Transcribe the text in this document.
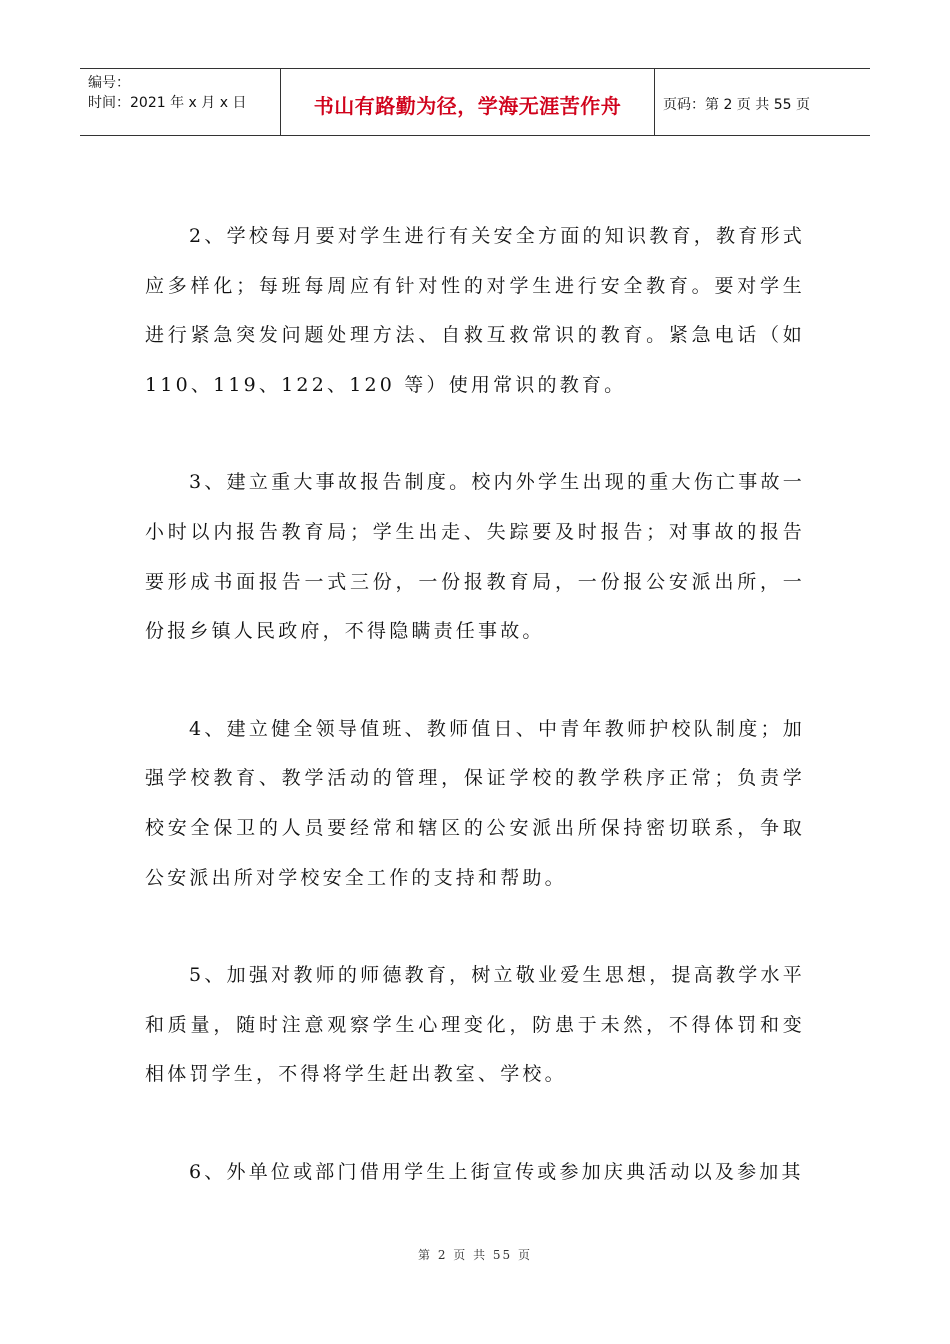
编号：
时间：2021 年 x 月 x 日	书山有路勤为径，学海无涯苦作舟	页码：第 2 页 共 55 页

2、学校每月要对学生进行有关安全方面的知识教育，教育形式应多样化；每班每周应有针对性的对学生进行安全教育。要对学生进行紧急突发问题处理方法、自救互救常识的教育。紧急电话（如 110、119、122、120 等）使用常识的教育。

3、建立重大事故报告制度。校内外学生出现的重大伤亡事故一小时以内报告教育局；学生出走、失踪要及时报告；对事故的报告要形成书面报告一式三份，一份报教育局，一份报公安派出所，一份报乡镇人民政府，不得隐瞒责任事故。

4、建立健全领导值班、教师值日、中青年教师护校队制度；加强学校教育、教学活动的管理，保证学校的教学秩序正常；负责学校安全保卫的人员要经常和辖区的公安派出所保持密切联系，争取公安派出所对学校安全工作的支持和帮助。

5、加强对教师的师德教育，树立敬业爱生思想，提高教学水平和质量，随时注意观察学生心理变化，防患于未然，不得体罚和变相体罚学生，不得将学生赶出教室、学校。

6、外单位或部门借用学生上街宣传或参加庆典活动以及参加其

第 2 页 共 55 页
